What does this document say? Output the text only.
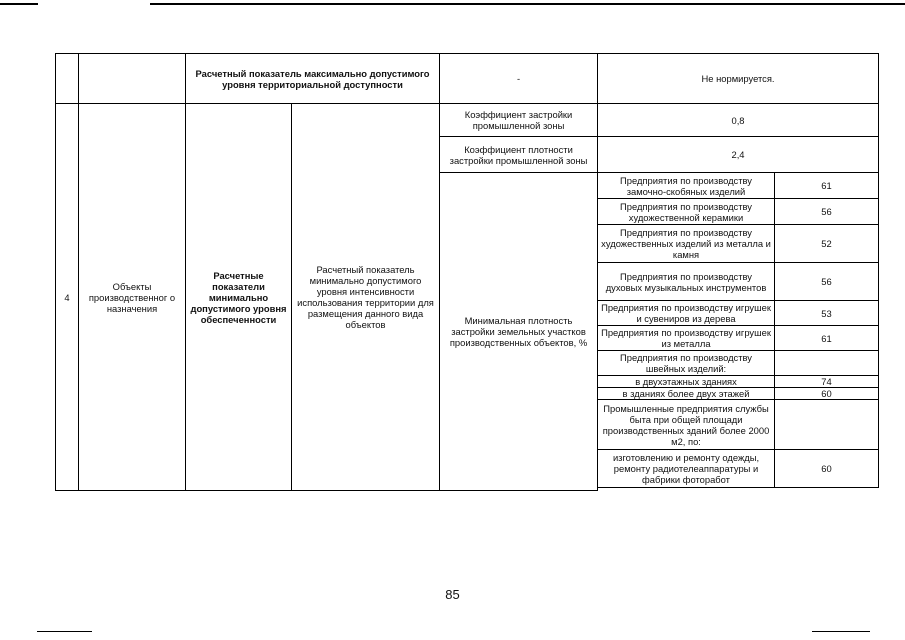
		Расчетный показатель максимально допустимого уровня территориальной доступности		-	Не нормируется.	
4	Объекты производственног о назначения	Расчетные показатели минимально допустимого уровня обеспеченности	Расчетный показатель минимально допустимого уровня интенсивности использования территории для размещения данного вида объектов	Коэффициент застройки промышленной зоны	0,8	
				Коэффициент плотности застройки промышленной зоны	2,4	
				Минимальная плотность застройки земельных участков производственных объектов, %	Предприятия по производству замочно-скобяных изделий	61
					Предприятия по производству художественной керамики	56
					Предприятия по производству художественных изделий из металла и камня	52
					Предприятия по производству духовых музыкальных инструментов	56
					Предприятия по производству игрушек и сувениров из дерева	53
					Предприятия по производству игрушек из металла	61
					Предприятия по производству швейных изделий:	
					в двухэтажных зданиях	74
					в зданиях более двух этажей	60
					Промышленные предприятия службы быта при общей площади производственных зданий более 2000 м2, по:	
					изготовлению и ремонту одежды, ремонту радиотелеаппаратуры и фабрики фоторабот	60

85
